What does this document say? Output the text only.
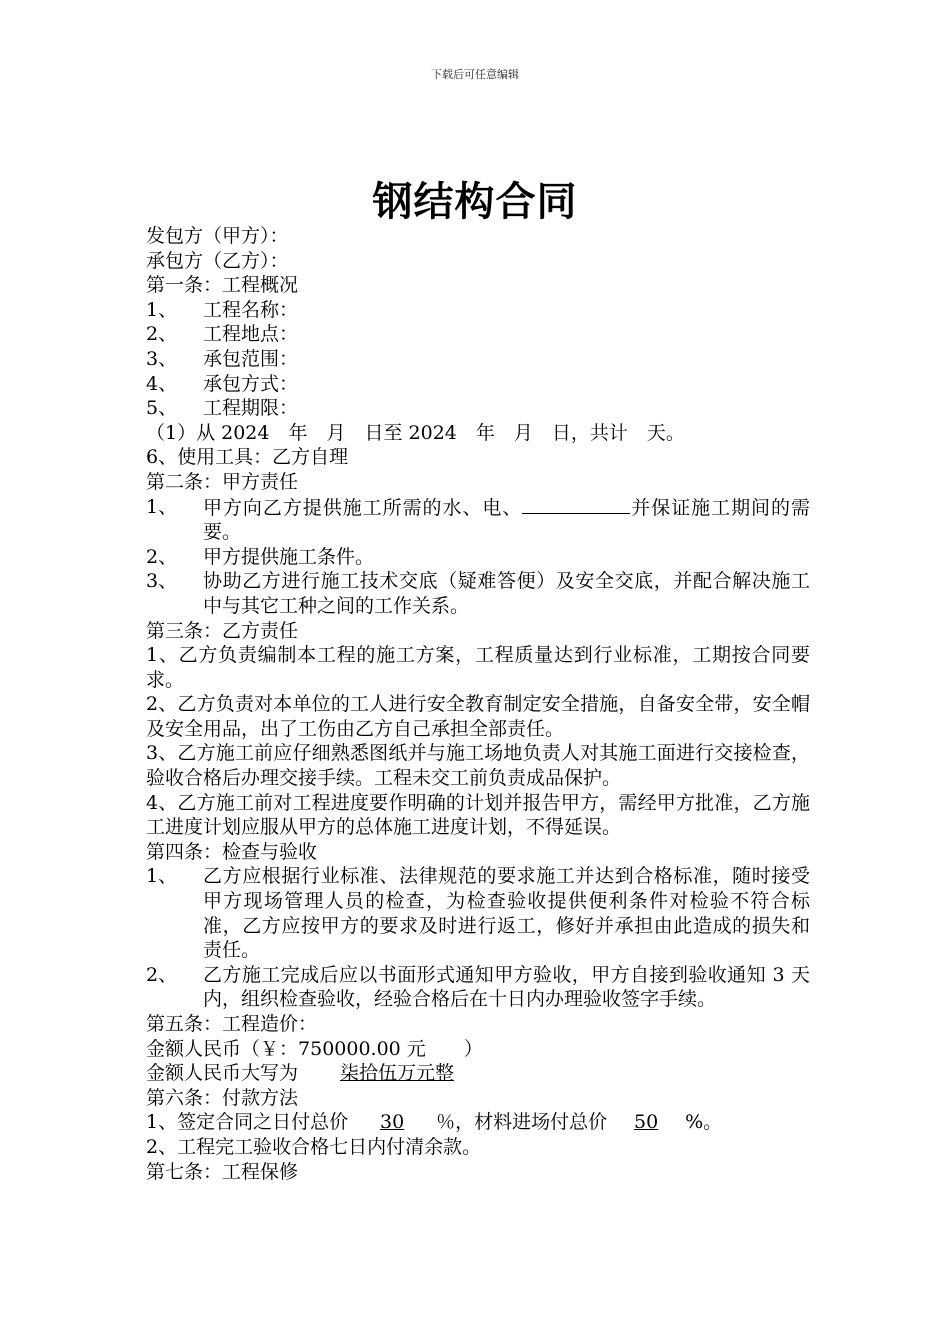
下载后可任意编辑
钢结构合同
发包方（甲方）：
承包方（乙方）：
第一条：工程概况
1、	工程名称：
2、	工程地点：
3、	承包范围：
4、	承包方式：
5、	工程期限：
（1）从 2024　年　月　日至 2024　年　月　日，共计　天。
6、使用工具：乙方自理
第二条：甲方责任
1、	甲方向乙方提供施工所需的水、电、	并保证施工期间的需要。
2、	甲方提供施工条件。
3、	协助乙方进行施工技术交底（疑难答便）及安全交底，并配合解决施工中与其它工种之间的工作关系。
第三条：乙方责任
1、乙方负责编制本工程的施工方案，工程质量达到行业标准，工期按合同要求。
2、乙方负责对本单位的工人进行安全教育制定安全措施，自备安全带，安全帽及安全用品，出了工伤由乙方自己承担全部责任。
3、乙方施工前应仔细熟悉图纸并与施工场地负责人对其施工面进行交接检查，验收合格后办理交接手续。工程未交工前负责成品保护。
4、乙方施工前对工程进度要作明确的计划并报告甲方，需经甲方批准，乙方施工进度计划应服从甲方的总体施工进度计划，不得延误。
第四条：检查与验收
1、	乙方应根据行业标准、法律规范的要求施工并达到合格标准，随时接受甲方现场管理人员的检查，为检查验收提供便利条件对检验不符合标准，乙方应按甲方的要求及时进行返工，修好并承担由此造成的损失和责任。
2、	乙方施工完成后应以书面形式通知甲方验收，甲方自接到验收通知 3 天内，组织检查验收，经验合格后在十日内办理验收签字手续。
第五条：工程造价：
金额人民币（￥：750000.00 元　　）
金额人民币大写为 柒拾伍万元整
第六条：付款方法
1、签定合同之日付总价 30 ％，材料进场付总价 50 %。
2、工程完工验收合格七日内付清余款。
第七条：工程保修
